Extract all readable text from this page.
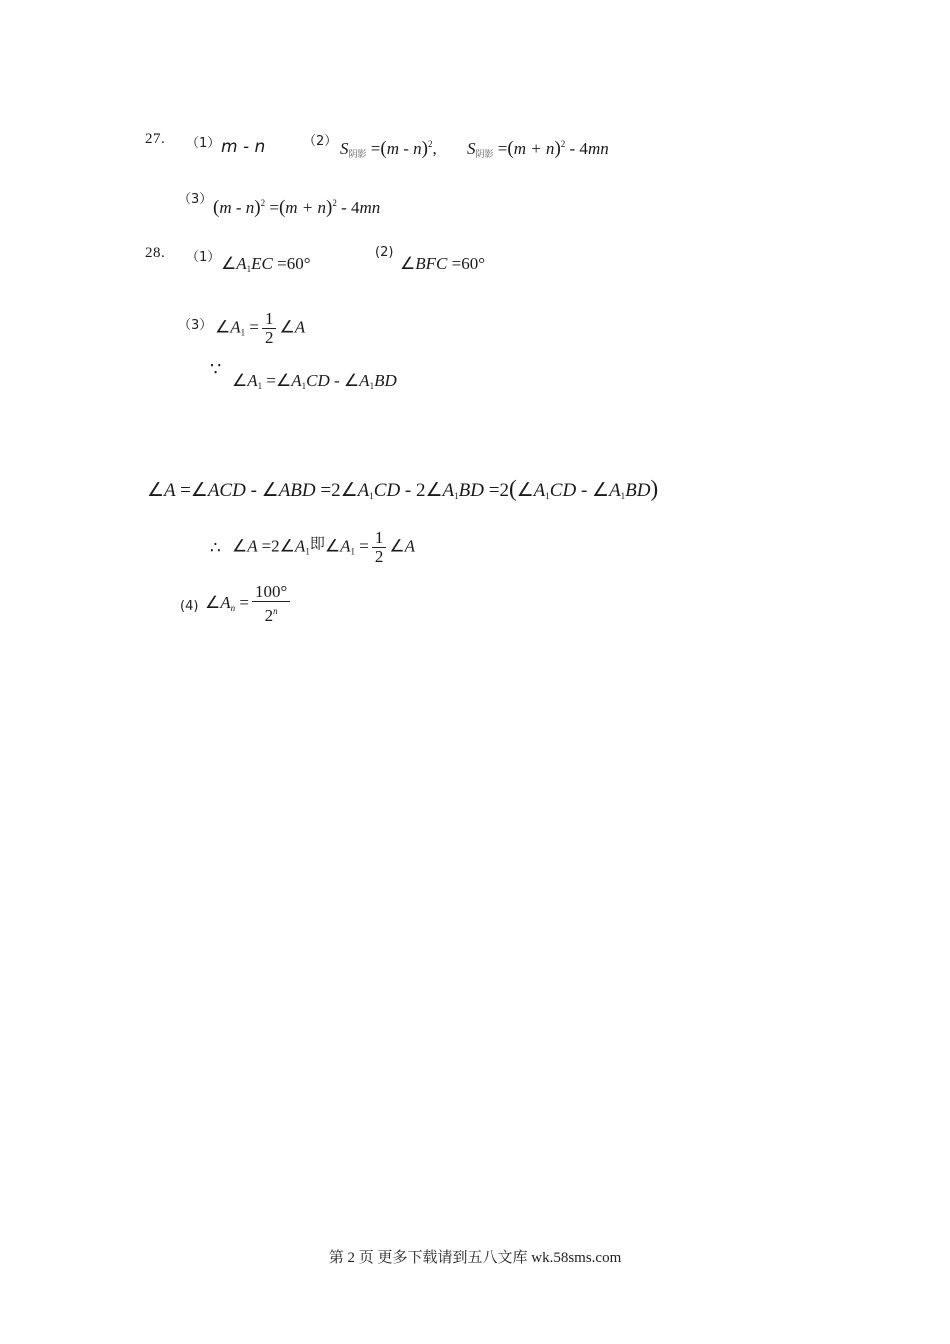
27. （1） m - n	（2） S阴影 =(m - n)$^2$, S阴影 $=(m + n)^2 - 4mn$
（3） $(m - n)^2 =(m + n)^2 - 4mn$
28. （1） $\angle A_1EC =60^\circ$
(2)
∠BFC =60°
（3） $\angle A_1 = \frac{1}{2}$ ∠A
∵
$\angle A_1$ $=\angle A_1CD$ - $\angle A_1BD$
∠A =∠ACD - ∠ABD $=2\angle A_1CD$ - $2\angle A_1BD$ $=2(\angle A_1CD$ - $\angle A_1BD$)
∴ ∠A $=2\angle A_1$即$\angle A_1 = \frac{1}{2}$ ∠A
(4) $\angle A_n = \frac{100^\circ}{2^n}$
第 2 页 更多下载请到五八文库 wk.58sms.com
